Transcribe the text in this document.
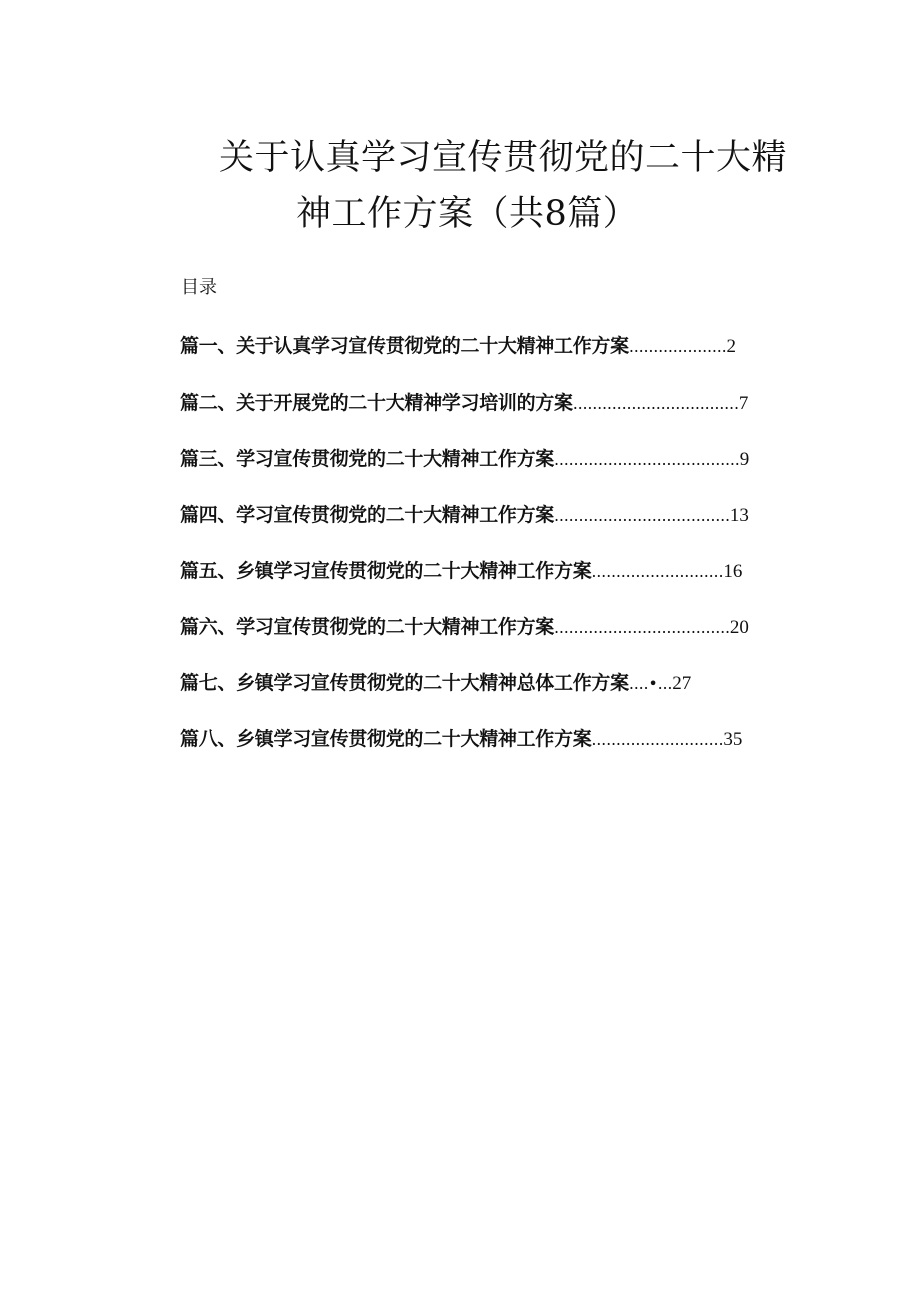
关于认真学习宣传贯彻党的二十大精
神工作方案（共8篇）
目录
篇一、关于认真学习宣传贯彻党的二十大精神工作方案 .................... 2
篇二、关于开展党的二十大精神学习培训的方案 .................................. 7
篇三、学习宣传贯彻党的二十大精神工作方案 ...................................... 9
篇四、学习宣传贯彻党的二十大精神工作方案 .................................... 13
篇五、乡镇学习宣传贯彻党的二十大精神工作方案 ........................... 16
篇六、学习宣传贯彻党的二十大精神工作方案 .................................... 20
篇七、乡镇学习宣传贯彻党的二十大精神总体工作方案 ....•... 27
篇八、乡镇学习宣传贯彻党的二十大精神工作方案 ........................... 35
